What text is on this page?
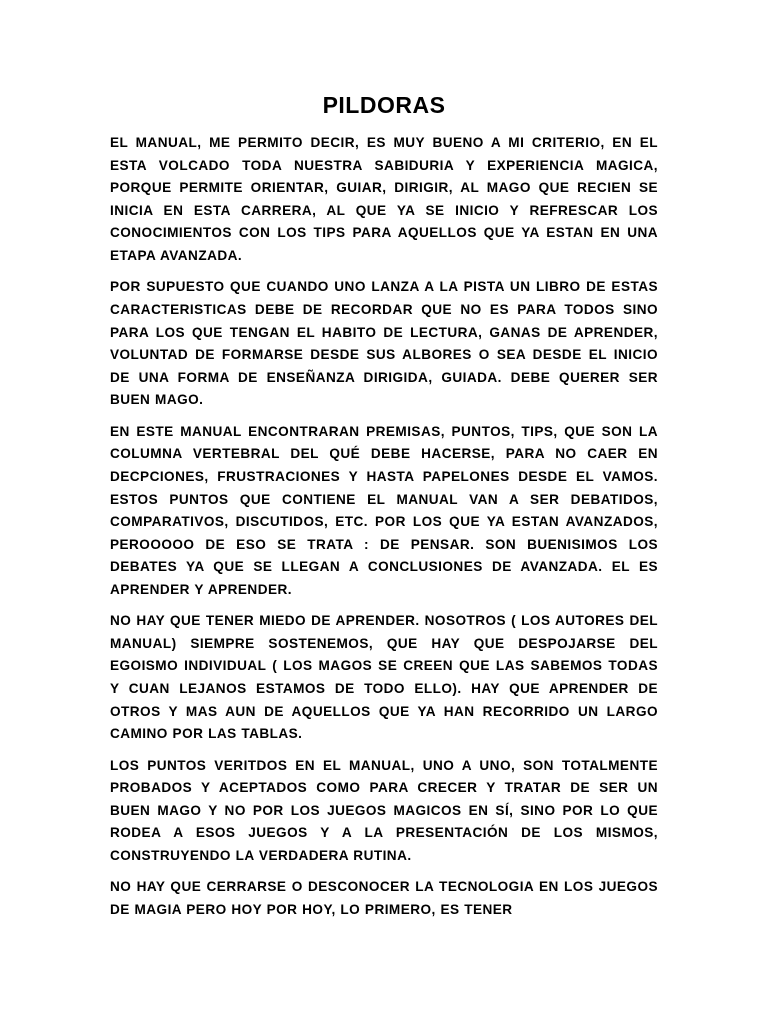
PILDORAS

EL MANUAL, ME PERMITO DECIR, ES MUY BUENO A MI CRITERIO, EN EL ESTA VOLCADO TODA NUESTRA SABIDURIA Y EXPERIENCIA MAGICA, PORQUE PERMITE ORIENTAR, GUIAR, DIRIGIR, AL MAGO QUE RECIEN SE INICIA EN ESTA CARRERA, AL QUE YA SE INICIO Y REFRESCAR LOS CONOCIMIENTOS CON LOS TIPS PARA AQUELLOS QUE YA ESTAN EN UNA ETAPA AVANZADA.

POR SUPUESTO QUE CUANDO UNO LANZA A LA PISTA UN LIBRO DE ESTAS CARACTERISTICAS DEBE DE RECORDAR QUE NO ES PARA TODOS SINO PARA LOS QUE TENGAN EL HABITO DE LECTURA, GANAS DE APRENDER, VOLUNTAD DE FORMARSE DESDE SUS ALBORES O SEA DESDE EL INICIO DE UNA FORMA DE ENSEÑANZA DIRIGIDA, GUIADA. DEBE QUERER SER BUEN MAGO.

EN ESTE MANUAL ENCONTRARAN PREMISAS, PUNTOS, TIPS, QUE SON LA COLUMNA VERTEBRAL DEL QUÉ DEBE HACERSE, PARA NO CAER EN DECPCIONES, FRUSTRACIONES Y HASTA PAPELONES DESDE EL VAMOS. ESTOS PUNTOS QUE CONTIENE EL MANUAL VAN A SER DEBATIDOS, COMPARATIVOS, DISCUTIDOS, ETC. POR LOS QUE YA ESTAN AVANZADOS, PEROOOOO DE ESO SE TRATA : DE PENSAR. SON BUENISIMOS LOS DEBATES YA QUE SE LLEGAN A CONCLUSIONES DE AVANZADA. EL ES APRENDER Y APRENDER.

NO HAY QUE TENER MIEDO DE APRENDER. NOSOTROS ( LOS AUTORES DEL MANUAL) SIEMPRE SOSTENEMOS, QUE HAY QUE DESPOJARSE DEL EGOISMO INDIVIDUAL ( LOS MAGOS SE CREEN QUE LAS SABEMOS TODAS Y CUAN LEJANOS ESTAMOS DE TODO ELLO). HAY QUE APRENDER DE OTROS Y MAS AUN DE AQUELLOS QUE YA HAN RECORRIDO UN LARGO CAMINO POR LAS TABLAS.

LOS PUNTOS VERITDOS EN EL MANUAL, UNO A UNO, SON TOTALMENTE PROBADOS Y ACEPTADOS COMO PARA CRECER Y TRATAR DE SER UN BUEN MAGO Y NO POR LOS JUEGOS MAGICOS EN SÍ, SINO POR LO QUE RODEA A ESOS JUEGOS Y A LA PRESENTACIÓN DE LOS MISMOS, CONSTRUYENDO LA VERDADERA RUTINA.

NO HAY QUE CERRARSE O DESCONOCER LA TECNOLOGIA EN LOS JUEGOS DE MAGIA PERO HOY POR HOY, LO PRIMERO, ES TENER
